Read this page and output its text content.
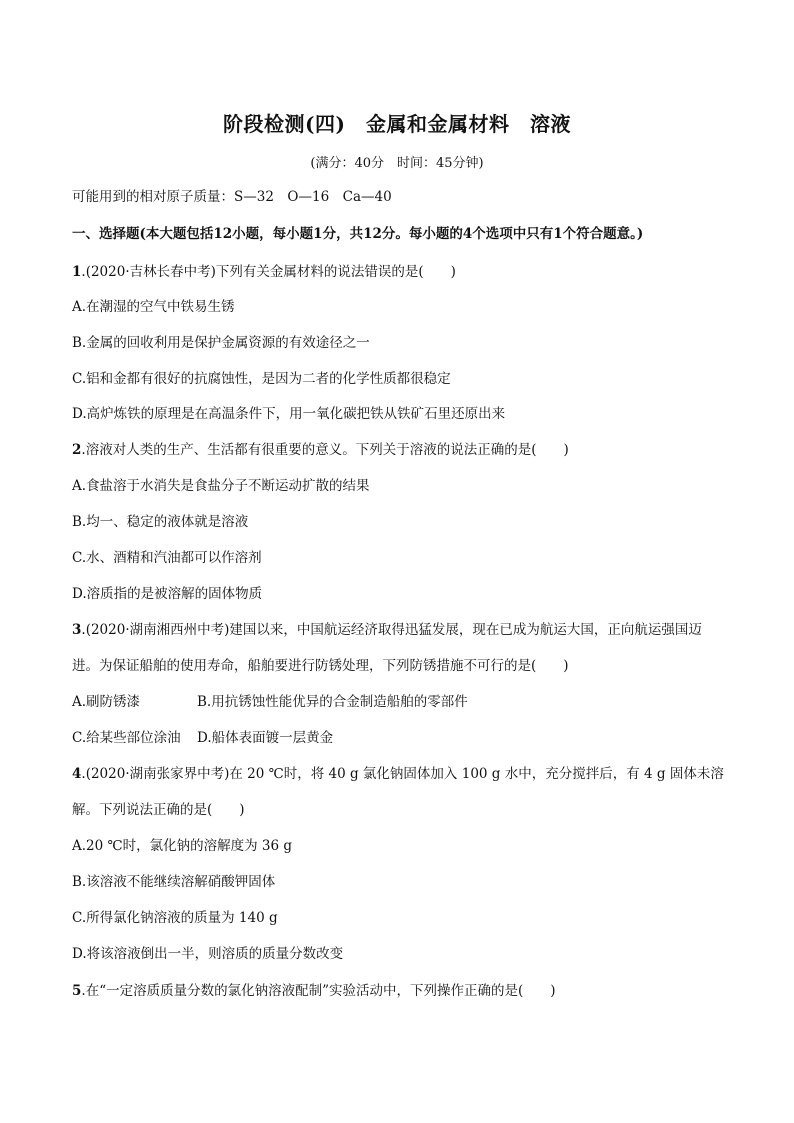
阶段检测(四)　金属和金属材料　溶液
(满分：40分　时间：45分钟)
可能用到的相对原子质量：S—32　O—16　Ca—40
一、选择题(本大题包括12小题，每小题1分，共12分。每小题的4个选项中只有1个符合题意。)
1.(2020·吉林长春中考)下列有关金属材料的说法错误的是(　　)
A.在潮湿的空气中铁易生锈
B.金属的回收利用是保护金属资源的有效途径之一
C.铝和金都有很好的抗腐蚀性，是因为二者的化学性质都很稳定
D.高炉炼铁的原理是在高温条件下，用一氧化碳把铁从铁矿石里还原出来
2.溶液对人类的生产、生活都有很重要的意义。下列关于溶液的说法正确的是(　　)
A.食盐溶于水消失是食盐分子不断运动扩散的结果
B.均一、稳定的液体就是溶液
C.水、酒精和汽油都可以作溶剂
D.溶质指的是被溶解的固体物质
3.(2020·湖南湘西州中考)建国以来，中国航运经济取得迅猛发展，现在已成为航运大国，正向航运强国迈
进。为保证船舶的使用寿命，船舶要进行防锈处理，下列防锈措施不可行的是(　　)
A.刷防锈漆	B.用抗锈蚀性能优异的合金制造船舶的零部件
C.给某些部位涂油 D.船体表面镀一层黄金
4.(2020·湖南张家界中考)在 20 ℃时，将 40 g 氯化钠固体加入 100 g 水中，充分搅拌后，有 4 g 固体未溶
解。下列说法正确的是(　　)
A.20 ℃时，氯化钠的溶解度为 36 g
B.该溶液不能继续溶解硝酸钾固体
C.所得氯化钠溶液的质量为 140 g
D.将该溶液倒出一半，则溶质的质量分数改变
5.在“一定溶质质量分数的氯化钠溶液配制”实验活动中，下列操作正确的是(　　)
